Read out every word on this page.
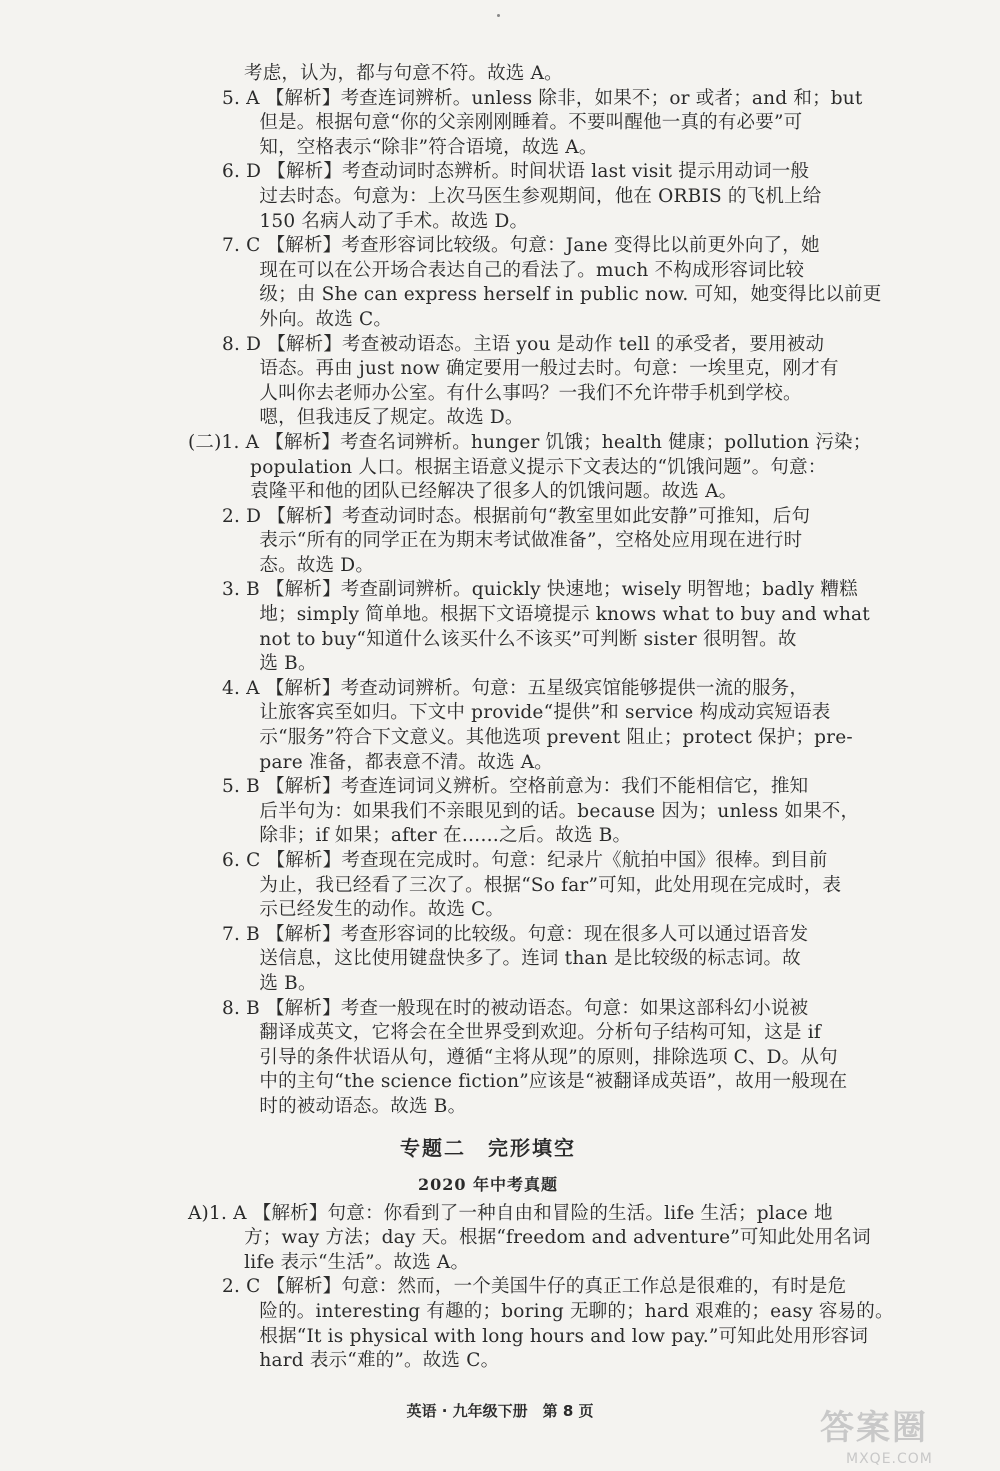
考虑，认为，都与句意不符。故选 A。
5. A 【解析】考查连词辨析。unless 除非，如果不；or 或者；and 和；but
　　但是。根据句意“你的父亲刚刚睡着。不要叫醒他一真的有必要”可
　　知，空格表示“除非”符合语境，故选 A。
6. D 【解析】考查动词时态辨析。时间状语 last visit 提示用动词一般
　　过去时态。句意为：上次马医生参观期间，他在 ORBIS 的飞机上给
　　150 名病人动了手术。故选 D。
7. C 【解析】考查形容词比较级。句意：Jane 变得比以前更外向了，她
　　现在可以在公开场合表达自己的看法了。much 不构成形容词比较
　　级；由 She can express herself in public now. 可知，她变得比以前更
　　外向。故选 C。
8. D 【解析】考查被动语态。主语 you 是动作 tell 的承受者，要用被动
　　语态。再由 just now 确定要用一般过去时。句意：一埃里克，刚才有
　　人叫你去老师办公室。有什么事吗？一我们不允许带手机到学校。
　　嗯，但我违反了规定。故选 D。
(二)1. A 【解析】考查名词辨析。hunger 饥饿；health 健康；pollution 污染；
　　　 population 人口。根据主语意义提示下文表达的“饥饿问题”。句意：
　　　 袁隆平和他的团队已经解决了很多人的饥饿问题。故选 A。
2. D 【解析】考查动词时态。根据前句“教室里如此安静”可推知，后句
　　表示“所有的同学正在为期末考试做准备”，空格处应用现在进行时
　　态。故选 D。
3. B 【解析】考查副词辨析。quickly 快速地；wisely 明智地；badly 糟糕
　　地；simply 简单地。根据下文语境提示 knows what to buy and what
　　not to buy“知道什么该买什么不该买”可判断 sister 很明智。故
　　选 B。
4. A 【解析】考查动词辨析。句意：五星级宾馆能够提供一流的服务，
　　让旅客宾至如归。下文中 provide“提供”和 service 构成动宾短语表
　　示“服务”符合下文意义。其他选项 prevent 阻止；protect 保护；pre-
　　pare 准备，都表意不清。故选 A。
5. B 【解析】考查连词词义辨析。空格前意为：我们不能相信它，推知
　　后半句为：如果我们不亲眼见到的话。because 因为；unless 如果不，
　　除非；if 如果；after 在……之后。故选 B。
6. C 【解析】考查现在完成时。句意：纪录片《航拍中国》很棒。到目前
　　为止，我已经看了三次了。根据“So far”可知，此处用现在完成时，表
　　示已经发生的动作。故选 C。
7. B 【解析】考查形容词的比较级。句意：现在很多人可以通过语音发
　　送信息，这比使用键盘快多了。连词 than 是比较级的标志词。故
　　选 B。
8. B 【解析】考查一般现在时的被动语态。句意：如果这部科幻小说被
　　翻译成英文，它将会在全世界受到欢迎。分析句子结构可知，这是 if
　　引导的条件状语从句，遵循“主将从现”的原则，排除选项 C、D。从句
　　中的主句“the science fiction”应该是“被翻译成英语”，故用一般现在
　　时的被动语态。故选 B。
专题二　完形填空
2020 年中考真题
A)1. A 【解析】句意：你看到了一种自由和冒险的生活。life 生活；place 地
　　　方；way 方法；day 天。根据“freedom and adventure”可知此处用名词
　　　life 表示“生活”。故选 A。
2. C 【解析】句意：然而，一个美国牛仔的真正工作总是很难的，有时是危
　　险的。interesting 有趣的；boring 无聊的；hard 艰难的；easy 容易的。
　　根据“It is physical with long hours and low pay.”可知此处用形容词
　　hard 表示“难的”。故选 C。
英语 · 九年级下册　第 8 页	答案圈
MXQE.COM
